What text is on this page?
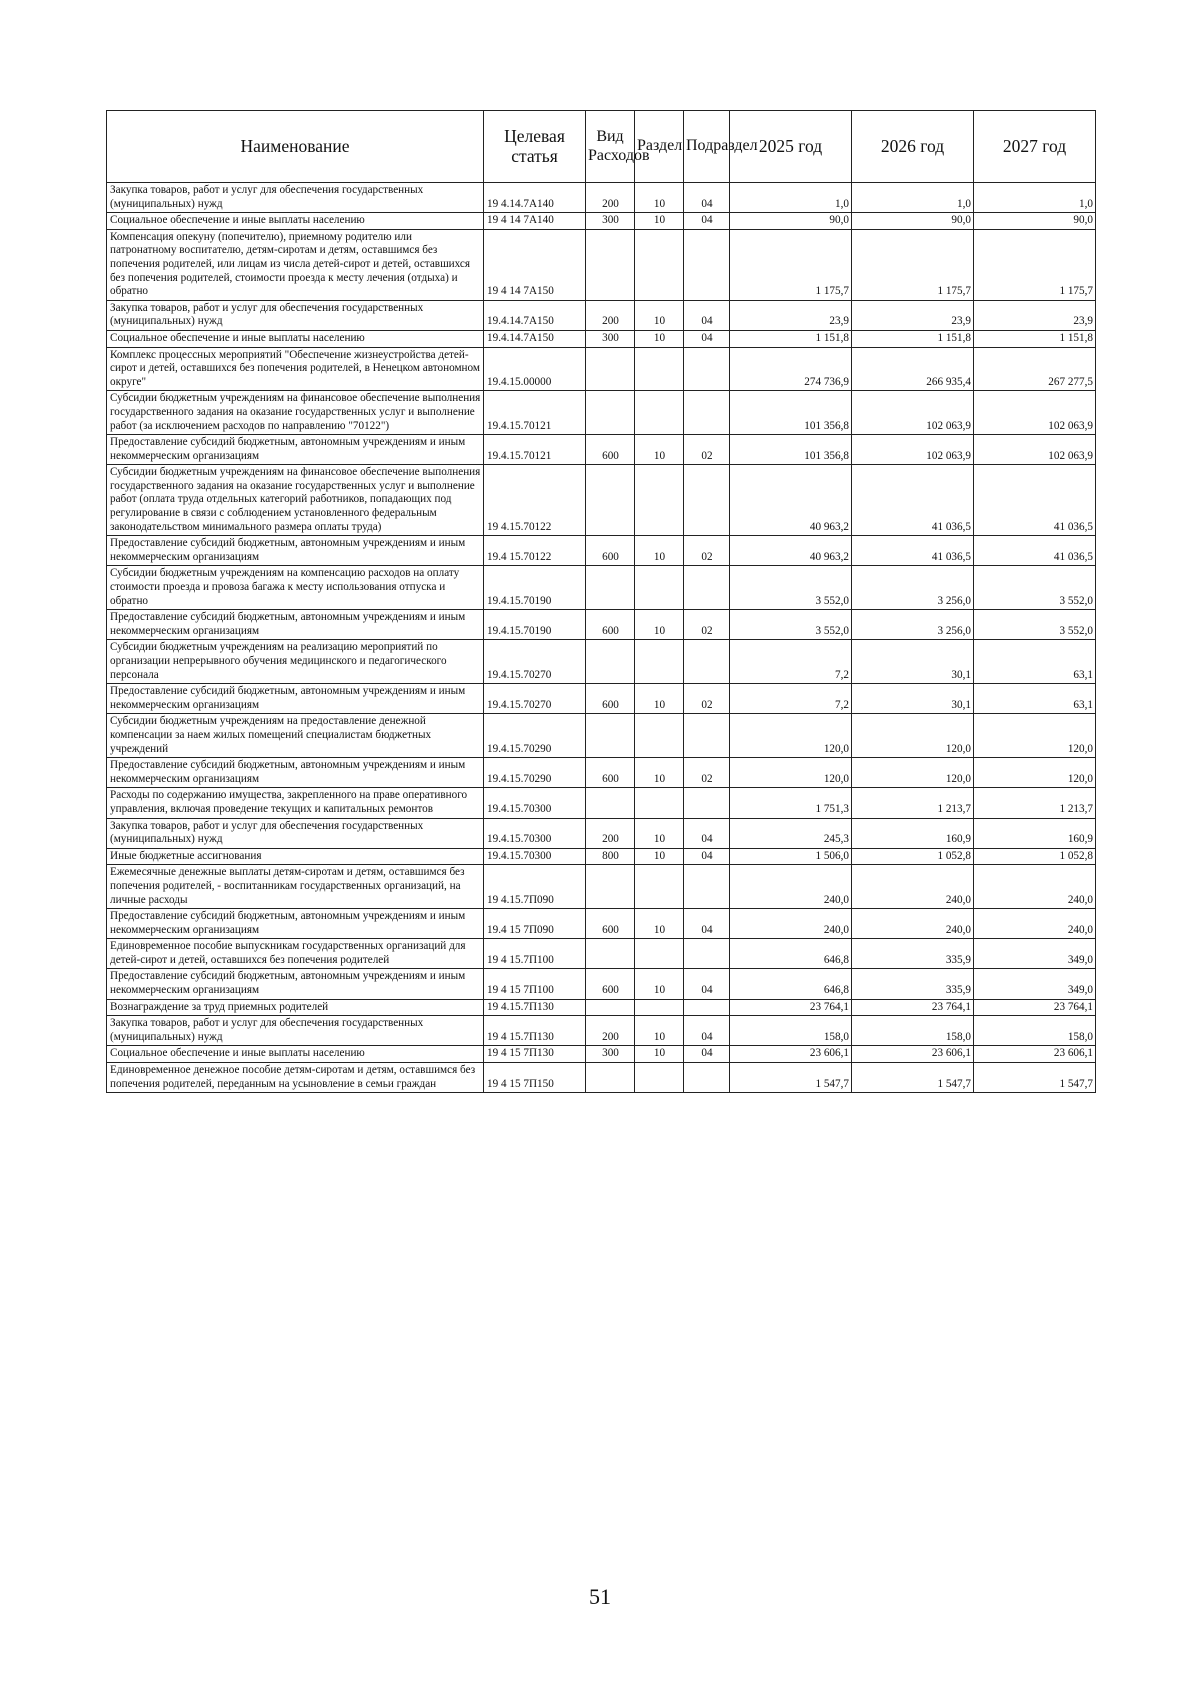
Наименование	Целевая статья	Вид Расходов	Раздел	Подраздел	2025 год	2026 год	2027 год
Закупка товаров, работ и услуг для обеспечения государственных (муниципальных) нужд	19 4.14.7А140	200	10	04	1,0	1,0	1,0
Социальное обеспечение и иные выплаты населению	19 4 14 7А140	300	10	04	90,0	90,0	90,0
Компенсация опекуну (попечителю), приемному родителю или патронатному воспитателю, детям-сиротам и детям, оставшимся без попечения родителей, или лицам из числа детей-сирот и детей, оставшихся без попечения родителей, стоимости проезда к месту лечения (отдыха) и обратно	19 4 14 7А150				1 175,7	1 175,7	1 175,7
Закупка товаров, работ и услуг для обеспечения государственных (муниципальных) нужд	19.4.14.7А150	200	10	04	23,9	23,9	23,9
Социальное обеспечение и иные выплаты населению	19.4.14.7А150	300	10	04	1 151,8	1 151,8	1 151,8
Комплекс процессных мероприятий "Обеспечение жизнеустройства детей-сирот и детей, оставшихся без попечения родителей, в Ненецком автономном округе"	19.4.15.00000				274 736,9	266 935,4	267 277,5
Субсидии бюджетным учреждениям на финансовое обеспечение выполнения государственного задания на оказание государственных услуг и выполнение работ (за исключением расходов по направлению "70122")	19.4.15.70121				101 356,8	102 063,9	102 063,9
Предоставление субсидий бюджетным, автономным учреждениям и иным некоммерческим организациям	19.4.15.70121	600	10	02	101 356,8	102 063,9	102 063,9
Субсидии бюджетным учреждениям на финансовое обеспечение выполнения государственного задания на оказание государственных услуг и выполнение работ (оплата труда отдельных категорий работников, попадающих под регулирование в связи с соблюдением установленного федеральным законодательством минимального размера оплаты труда)	19 4.15.70122				40 963,2	41 036,5	41 036,5
Предоставление субсидий бюджетным, автономным учреждениям и иным некоммерческим организациям	19.4 15.70122	600	10	02	40 963,2	41 036,5	41 036,5
Субсидии бюджетным учреждениям на компенсацию расходов на оплату стоимости проезда и провоза багажа к месту использования отпуска и обратно	19.4.15.70190				3 552,0	3 256,0	3 552,0
Предоставление субсидий бюджетным, автономным учреждениям и иным некоммерческим организациям	19.4.15.70190	600	10	02	3 552,0	3 256,0	3 552,0
Субсидии бюджетным учреждениям на реализацию мероприятий по организации непрерывного обучения медицинского и педагогического персонала	19.4.15.70270				7,2	30,1	63,1
Предоставление субсидий бюджетным, автономным учреждениям и иным некоммерческим организациям	19.4.15.70270	600	10	02	7,2	30,1	63,1
Субсидии бюджетным учреждениям на предоставление денежной компенсации за наем жилых помещений специалистам бюджетных учреждений	19.4.15.70290				120,0	120,0	120,0
Предоставление субсидий бюджетным, автономным учреждениям и иным некоммерческим организациям	19.4.15.70290	600	10	02	120,0	120,0	120,0
Расходы по содержанию имущества, закрепленного на праве оперативного управления, включая проведение текущих и капитальных ремонтов	19.4.15.70300				1 751,3	1 213,7	1 213,7
Закупка товаров, работ и услуг для обеспечения государственных (муниципальных) нужд	19.4.15.70300	200	10	04	245,3	160,9	160,9
Иные бюджетные ассигнования	19.4.15.70300	800	10	04	1 506,0	1 052,8	1 052,8
Ежемесячные денежные выплаты детям-сиротам и детям, оставшимся без попечения родителей, - воспитанникам государственных организаций, на личные расходы	19 4.15.7П090				240,0	240,0	240,0
Предоставление субсидий бюджетным, автономным учреждениям и иным некоммерческим организациям	19.4 15 7П090	600	10	04	240,0	240,0	240,0
Единовременное пособие выпускникам государственных организаций для детей-сирот и детей, оставшихся без попечения родителей	19 4 15.7П100				646,8	335,9	349,0
Предоставление субсидий бюджетным, автономным учреждениям и иным некоммерческим организациям	19 4 15 7П100	600	10	04	646,8	335,9	349,0
Вознаграждение за труд приемных родителей	19 4.15.7П130				23 764,1	23 764,1	23 764,1
Закупка товаров, работ и услуг для обеспечения государственных (муниципальных) нужд	19 4 15.7П130	200	10	04	158,0	158,0	158,0
Социальное обеспечение и иные выплаты населению	19 4 15 7П130	300	10	04	23 606,1	23 606,1	23 606,1
Единовременное денежное пособие детям-сиротам и детям, оставшимся без попечения родителей, переданным на усыновление в семьи граждан	19 4 15 7П150				1 547,7	1 547,7	1 547,7
51
